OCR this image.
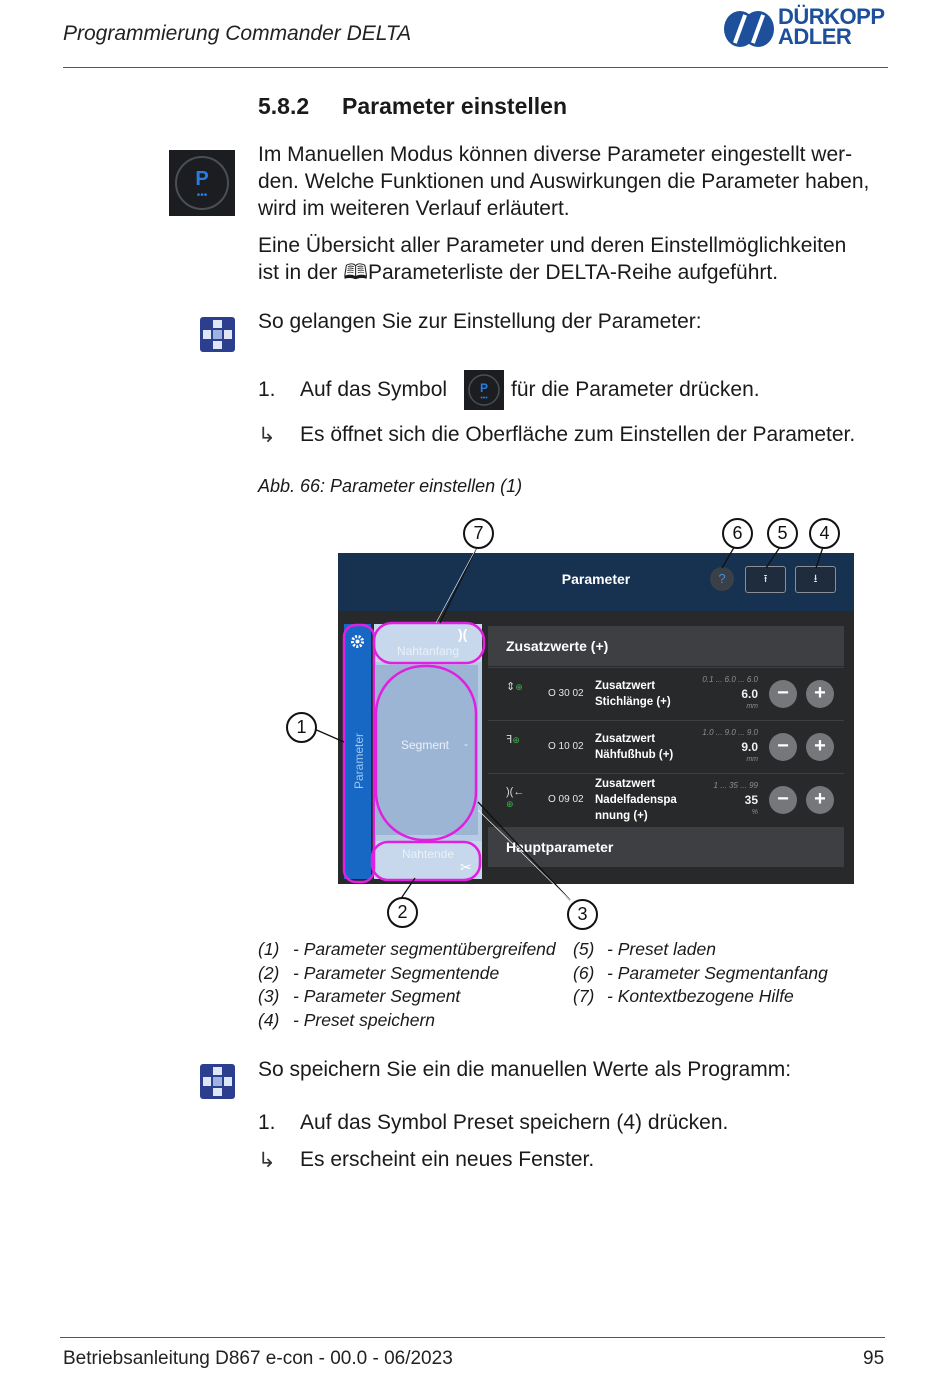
Programmierung Commander DELTA
DÜRKOPP
ADLER
5.8.2 Parameter einstellen
P
•••
Im Manuellen Modus können diverse Parameter eingestellt wer-
den. Welche Funktionen und Auswirkungen die Parameter haben,
wird im weiteren Verlauf erläutert.
Eine Übersicht aller Parameter und deren Einstellmöglichkeiten
ist in der 🕮Parameterliste der DELTA-Reihe aufgeführt.
So gelangen Sie zur Einstellung der Parameter:
1. Auf das Symbol	P
••• für die Parameter drücken.
↳ Es öffnet sich die Oberfläche zum Einstellen der Parameter.
Abb. 66: Parameter einstellen (1)
Parameter	?	⭱	⭳
Parameter
Nahtanfang
)(
Segment	-
Nahtende
✂
Zusatzwerte (+)
⇕⊕
O 30 02
Zusatzwert
Stichlänge (+)
0.1 ... 6.0 ... 6.0
6.0
mm
−	+
ꟻ⊕
O 10 02
Zusatzwert
Nähfußhub (+)
1.0 ... 9.0 ... 9.0
9.0
mm
−	+
)(←
⊕	O 09 02
Zusatzwert
Nadelfadenspa
nnung (+)
1 ... 35 ... 99
35
%
−	+
Hauptparameter
7	6	5	4
1
2	3
(1) - Parameter segmentübergreifend
(2) - Parameter Segmentende
(3) - Parameter Segment
(4) - Preset speichern
(5) - Preset laden
(6) - Parameter Segmentanfang
(7) - Kontextbezogene Hilfe
So speichern Sie ein die manuellen Werte als Programm:
1. Auf das Symbol Preset speichern (4) drücken.
↳ Es erscheint ein neues Fenster.
Betriebsanleitung D867 e-con - 00.0 - 06/2023	95
